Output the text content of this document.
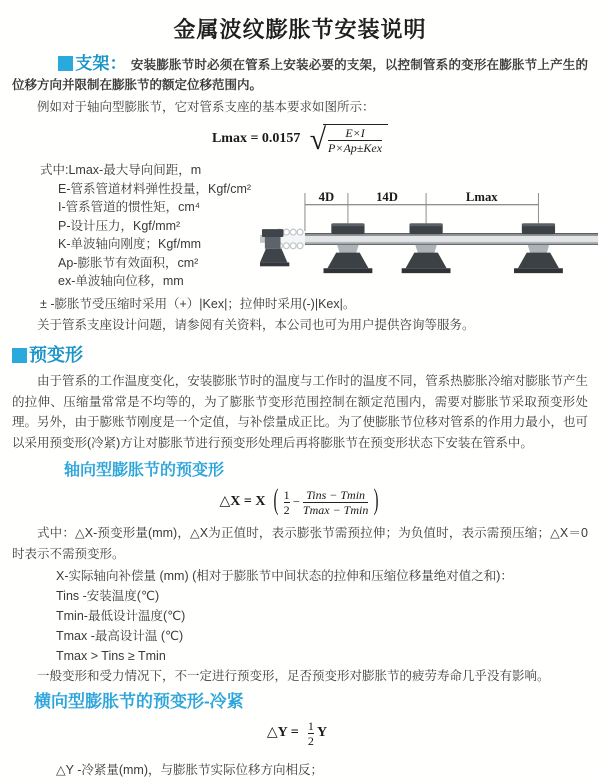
金属波纹膨胀节安装说明

支架： 安装膨胀节时必须在管系上安装必要的支架，以控制管系的变形在膨胀节上产生的位移方向并限制在膨胀节的额定位移范围内。

例如对于轴向型膨胀节，它对管系支座的基本要求如图所示：

Lmax = 0.0157 √ $\frac{E\times I}{\text{P×Ap±Kex}}$
式中:Lmax-最大导向间距，m
E-管系管道材料弹性投量，Kgf/cm²
I-管系管道的惯性矩，cm⁴
P-设计压力，Kgf/mm²
K-单波轴向刚度；Kgf/mm
Ap-膨胀节有效面积，cm²
ex-单波轴向位移，mm
4D	14D	Lmax

± -膨胀节受压缩时采用（+）|Kex|；拉伸时采用(-)|Kex|。

关于管系支座设计问题，请参阅有关资料，本公司也可为用户提供咨询等服务。

预变形

由于管系的工作温度变化，安装膨胀节时的温度与工作时的温度不同，管系热膨胀冷缩对膨胀节产生的拉伸、压缩量常常是不均等的，为了膨胀节变形范围控制在额定范围内，需要对膨胀节采取预变形处理。另外，由于膨账节刚度是一个定值，与补偿量成正比。为了使膨胀节位移对管系的作用力最小，也可以采用预变形(冷紧)方让对膨胀节进行预变形处理后再将膨胀节在预变形状态下安装在管系中。

轴向型膨胀节的预变形
△X = X ( $\frac{1}{2} - \frac{\text{Tins − Tmin}}{Tmax - Tmin}$ )

式中：△X-预变形量(mm)，△X为正值时，表示膨张节需预拉伸；为负值时，表示需预压缩；△X＝0时表示不需预变形。

X-实际轴向补偿量 (mm) (相对于膨胀节中间状态的拉伸和压缩位移量绝对值之和)：

Tins -安装温度(℃)

Tmin-最低设计温度(℃)

Tmax -最高设计温 (℃)

Tmax > Tins ≥ Tmin

一般变形和受力情况下，不一定进行预变形，足否预变形对膨胀节的疲劳寿命几乎没有影响。

横向型膨胀节的预变形-冷紧
△Y = $\frac{1}{2}$ Y

△Y -冷紧量(mm)，与膨胀节实际位移方向相反；
